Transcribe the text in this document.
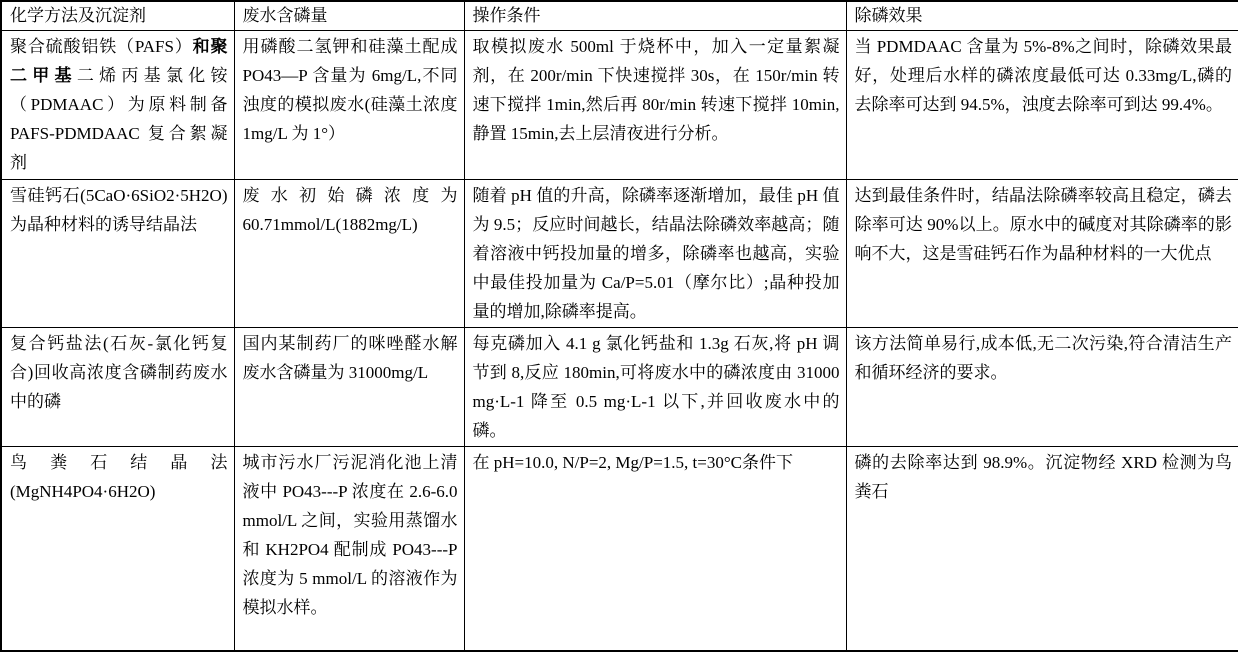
化学方法及沉淀剂	废水含磷量	操作条件	除磷效果
聚合硫酸铝铁（PAFS）和聚二甲基二烯丙基氯化铵（PDMAAC）为原料制备 PAFS-PDMDAAC 复合絮凝剂	用磷酸二氢钾和硅藻土配成 PO43—P 含量为 6mg/L,不同浊度的模拟废水(硅藻土浓度 1mg/L 为 1°）	取模拟废水 500ml 于烧杯中，加入一定量絮凝剂，在 200r/min 下快速搅拌 30s，在 150r/min 转速下搅拌 1min,然后再 80r/min 转速下搅拌 10min,静置 15min,去上层清夜进行分析。	当 PDMDAAC 含量为 5%-8%之间时，除磷效果最好，处理后水样的磷浓度最低可达 0.33mg/L,磷的去除率可达到 94.5%，浊度去除率可到达 99.4%。
雪硅钙石(5CaO·6SiO2·5H2O)为晶种材料的诱导结晶法	废水初始磷浓度为 60.71mmol/L(1882mg/L)	随着 pH 值的升高，除磷率逐渐增加，最佳 pH 值为 9.5；反应时间越长，结晶法除磷效率越高；随着溶液中钙投加量的增多，除磷率也越高，实验中最佳投加量为 Ca/P=5.01（摩尔比）;晶种投加量的增加,除磷率提高。	达到最佳条件时，结晶法除磷率较高且稳定，磷去除率可达 90%以上。原水中的碱度对其除磷率的影响不大，这是雪硅钙石作为晶种材料的一大优点
复合钙盐法(石灰-氯化钙复合)回收高浓度含磷制药废水中的磷	国内某制药厂的咪唑醛水解废水含磷量为 31000mg/L	每克磷加入 4.1 g 氯化钙盐和 1.3g 石灰,将 pH 调节到 8,反应 180min,可将废水中的磷浓度由 31000 mg·L-1 降至 0.5 mg·L-1 以下,并回收废水中的磷。	该方法简单易行,成本低,无二次污染,符合清洁生产和循环经济的要求。
鸟粪石结晶法(MgNH4PO4·6H2O)	城市污水厂污泥消化池上清液中 PO43---P 浓度在 2.6-6.0 mmol/L 之间，实验用蒸馏水和 KH2PO4 配制成 PO43---P 浓度为 5 mmol/L 的溶液作为模拟水样。	在 pH=10.0, N/P=2, Mg/P=1.5, t=30°C条件下	磷的去除率达到 98.9%。沉淀物经 XRD 检测为鸟粪石
